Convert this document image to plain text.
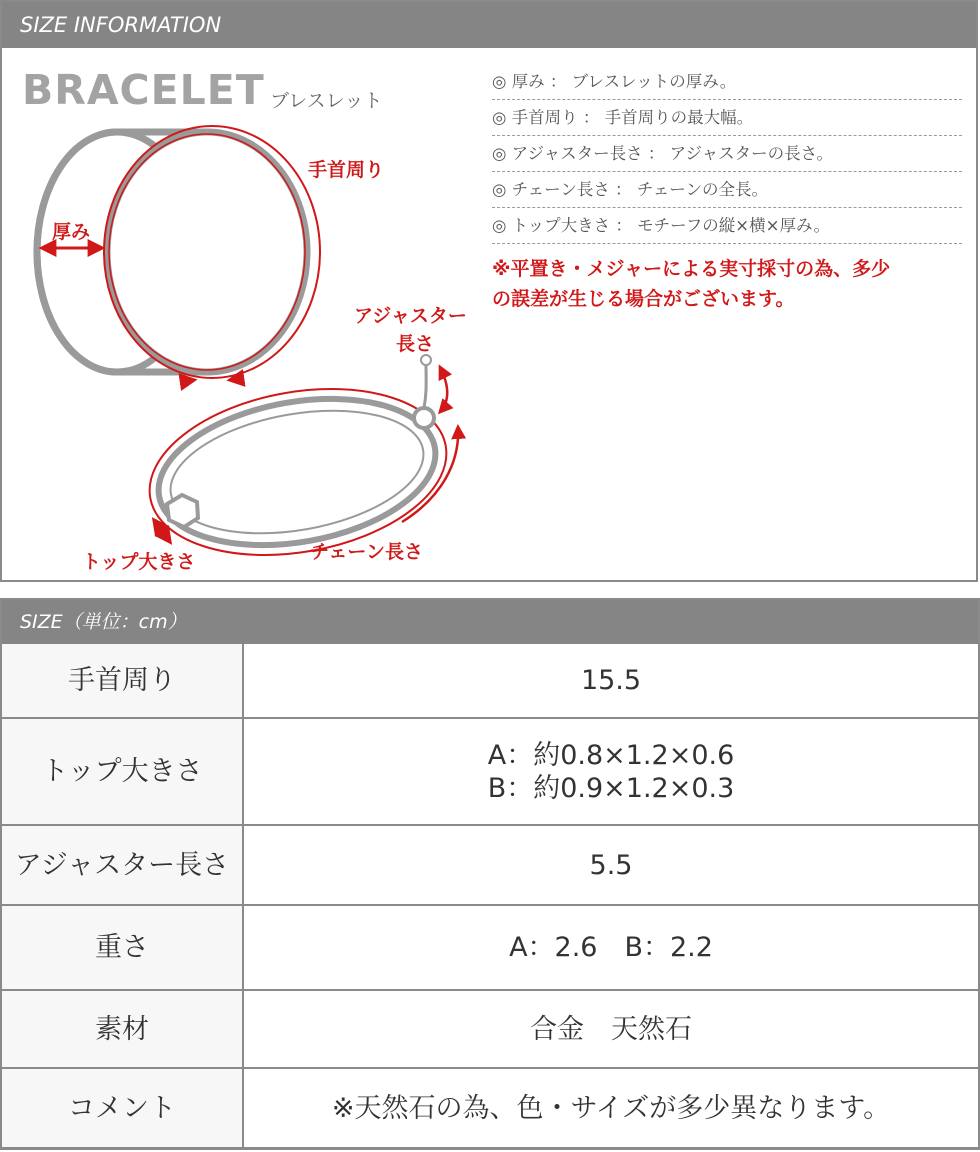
SIZE INFORMATION
BRACELET ブレスレット
厚み
手首周り
アジャスター
長さ
チェーン長さ
トップ大きさ
◎ 厚み ： ブレスレットの厚み。
◎ 手首周り ： 手首周りの最大幅。
◎ アジャスター長さ ： アジャスターの長さ。
◎ チェーン長さ ： チェーンの全長。
◎ トップ大きさ ： モチーフの縦×横×厚み。
※平置き・メジャーによる実寸採寸の為、多少
の誤差が生じる場合がございます。
SIZE（単位：cm）
手首周り	15.5

トップ大きさ	A：約0.8×1.2×0.6
B：約0.9×1.2×0.3

アジャスター長さ	5.5

重さ	A：2.6　B：2.2

素材	合金　天然石

コメント	※天然石の為、色・サイズが多少異なります。
